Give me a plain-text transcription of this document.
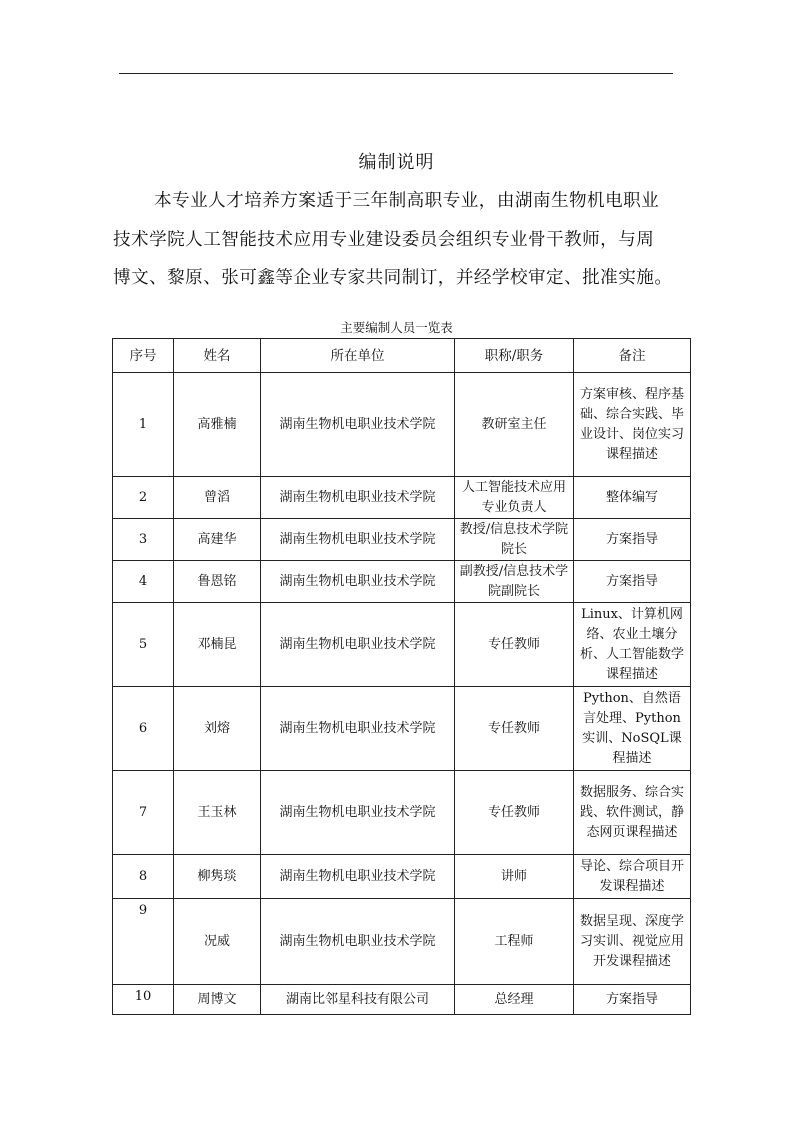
编制说明

本专业人才培养方案适于三年制高职专业，由湖南生物机电职业
技术学院人工智能技术应用专业建设委员会组织专业骨干教师，与周
博文、黎原、张可鑫等企业专家共同制订，并经学校审定、批准实施。

主要编制人员一览表
序号	姓名	所在单位	职称/职务	备注
1	高雅楠	湖南生物机电职业技术学院	教研室主任	方案审核、程序基础、综合实践、毕业设计、岗位实习课程描述
2	曾滔	湖南生物机电职业技术学院	人工智能技术应用专业负责人	整体编写
3	高建华	湖南生物机电职业技术学院	教授/信息技术学院院长	方案指导
4	鲁恩铭	湖南生物机电职业技术学院	副教授/信息技术学院副院长	方案指导
5	邓楠昆	湖南生物机电职业技术学院	专任教师	Linux、计算机网络、农业土壤分析、人工智能数学课程描述
6	刘熔	湖南生物机电职业技术学院	专任教师	Python、自然语言处理、Python实训、NoSQL课程描述
7	王玉林	湖南生物机电职业技术学院	专任教师	数据服务、综合实践、软件测试，静态网页课程描述
8	柳隽琰	湖南生物机电职业技术学院	讲师	导论、综合项目开发课程描述
9	况威	湖南生物机电职业技术学院	工程师	数据呈现、深度学习实训、视觉应用开发课程描述
10	周博文	湖南比邻星科技有限公司	总经理	方案指导
